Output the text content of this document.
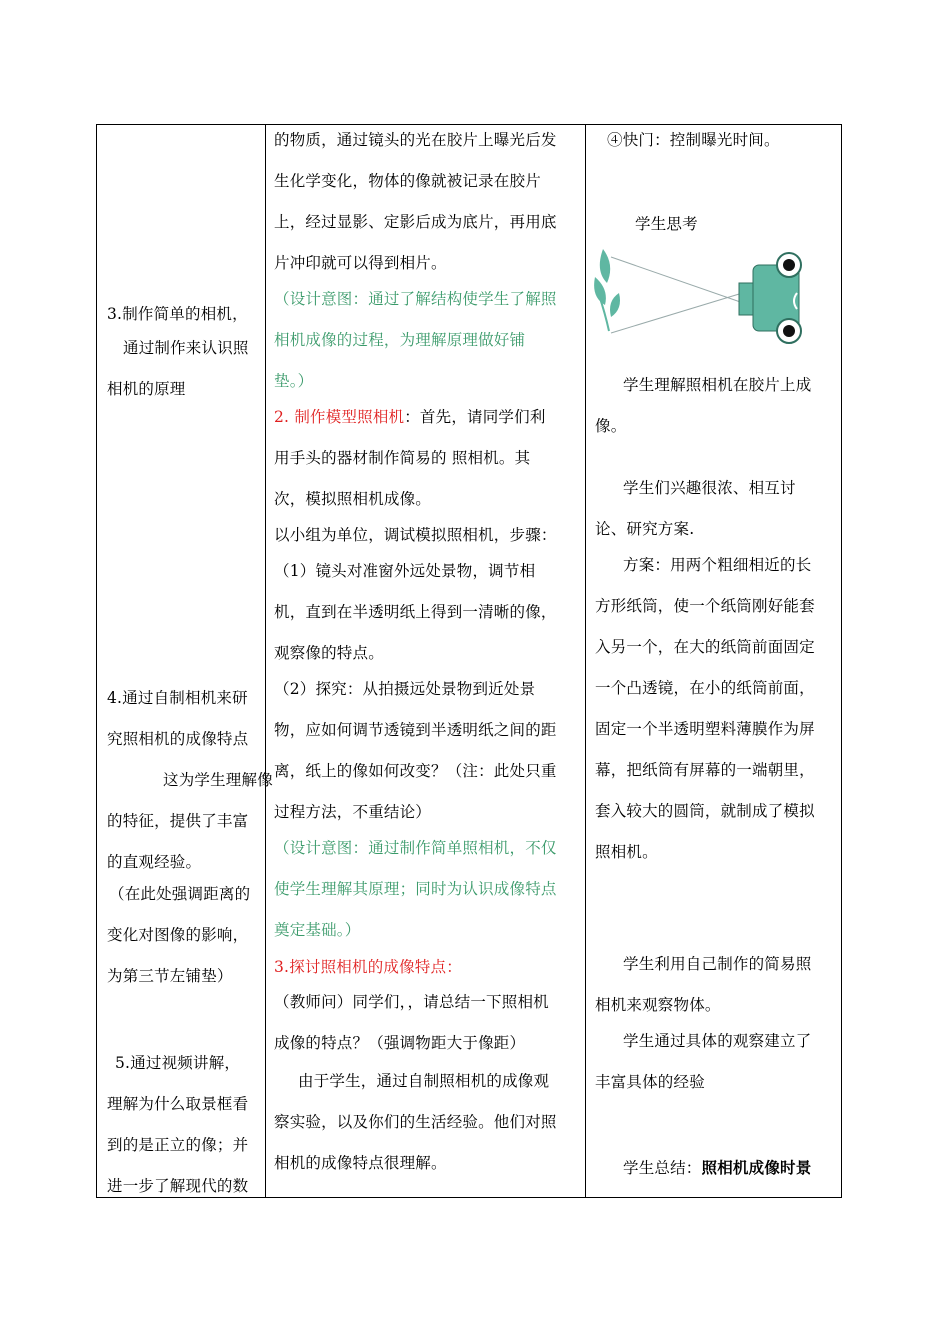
3.制作简单的相机，
通过制作来认识照
相机的原理
4.通过自制相机来研
究照相机的成像特点
这为学生理解像
的特征，提供了丰富
的直观经验。
（在此处强调距离的
变化对图像的影响，
为第三节左铺垫）
5.通过视频讲解，
理解为什么取景框看
到的是正立的像；并
进一步了解现代的数
的物质，通过镜头的光在胶片上曝光后发
生化学变化，物体的像就被记录在胶片
上，经过显影、定影后成为底片，再用底
片冲印就可以得到相片。
（设计意图：通过了解结构使学生了解照
相机成像的过程，为理解原理做好铺
垫。）
2. 制作模型照相机：首先，请同学们利
用手头的器材制作简易的 照相机。其
次，模拟照相机成像。
以小组为单位，调试模拟照相机，步骤：
（1）镜头对准窗外远处景物，调节相
机，直到在半透明纸上得到一清晰的像，
观察像的特点。
（2）探究：从拍摄远处景物到近处景
物，应如何调节透镜到半透明纸之间的距
离，纸上的像如何改变？（注：此处只重
过程方法，不重结论）
（设计意图：通过制作简单照相机，不仅
使学生理解其原理；同时为认识成像特点
奠定基础。）
3.探讨照相机的成像特点：
（教师问）同学们，，请总结一下照相机
成像的特点？（强调物距大于像距）
由于学生，通过自制照相机的成像观
察实验，以及你们的生活经验。他们对照
相机的成像特点很理解。
④快门：控制曝光时间。
学生思考
学生理解照相机在胶片上成
像。
学生们兴趣很浓、相互讨
论、研究方案.
方案：用两个粗细相近的长
方形纸筒，使一个纸筒刚好能套
入另一个，在大的纸筒前面固定
一个凸透镜，在小的纸筒前面，
固定一个半透明塑料薄膜作为屏
幕，把纸筒有屏幕的一端朝里，
套入较大的圆筒，就制成了模拟
照相机。
学生利用自己制作的简易照
相机来观察物体。
学生通过具体的观察建立了
丰富具体的经验
学生总结：照相机成像时景
